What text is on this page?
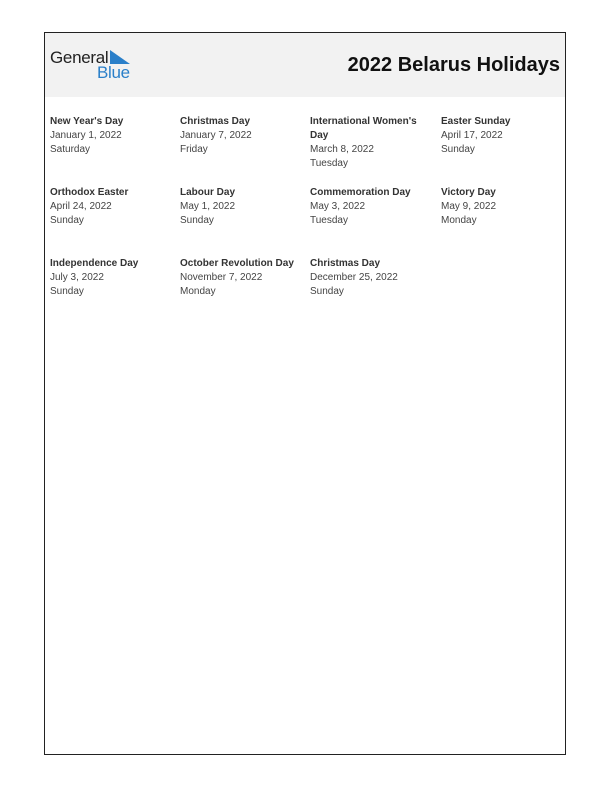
General
Blue	2022 Belarus Holidays
New Year's Day
January 1, 2022
Saturday
Christmas Day
January 7, 2022
Friday
International Women's Day
March 8, 2022
Tuesday
Easter Sunday
April 17, 2022
Sunday
Orthodox Easter
April 24, 2022
Sunday
Labour Day
May 1, 2022
Sunday
Commemoration Day
May 3, 2022
Tuesday
Victory Day
May 9, 2022
Monday
Independence Day
July 3, 2022
Sunday
October Revolution Day
November 7, 2022
Monday
Christmas Day
December 25, 2022
Sunday
